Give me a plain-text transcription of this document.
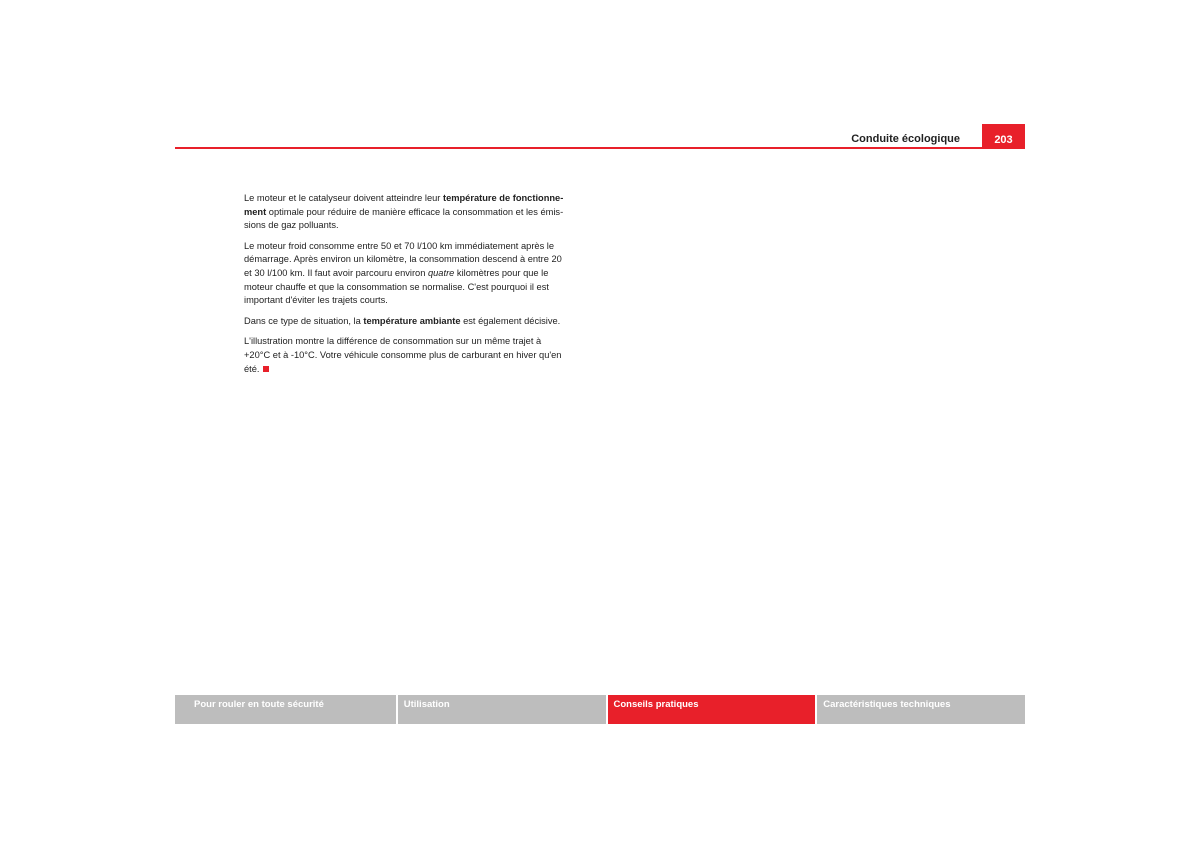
Conduite écologique	203

Le moteur et le catalyseur doivent atteindre leur température de fonctionne-
ment optimale pour réduire de manière efficace la consommation et les émis-
sions de gaz polluants.

Le moteur froid consomme entre 50 et 70 l/100 km immédiatement après le
démarrage. Après environ un kilomètre, la consommation descend à entre 20
et 30 l/100 km. Il faut avoir parcouru environ quatre kilomètres pour que le
moteur chauffe et que la consommation se normalise. C'est pourquoi il est
important d'éviter les trajets courts.

Dans ce type de situation, la température ambiante est également décisive.

L'illustration montre la différence de consommation sur un même trajet à
+20°C et à -10°C. Votre véhicule consomme plus de carburant en hiver qu'en
été.

Pour rouler en toute sécurité	Utilisation	Conseils pratiques	Caractéristiques techniques
